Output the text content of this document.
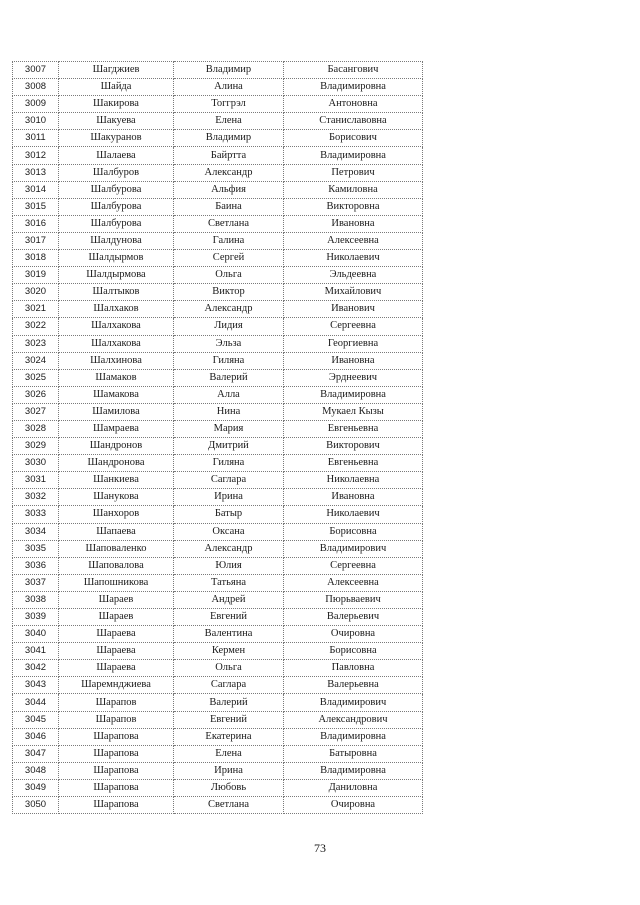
3007	Шагджиев	Владимир	Басангович
3008	Шайда	Алина	Владимировна
3009	Шакирова	Тоггрэл	Антоновна
3010	Шакуева	Елена	Станиславовна
3011	Шакуранов	Владимир	Борисович
3012	Шалаева	Байртта	Владимировна
3013	Шалбуров	Александр	Петрович
3014	Шалбурова	Альфия	Камиловна
3015	Шалбурова	Баина	Викторовна
3016	Шалбурова	Светлана	Ивановна
3017	Шалдунова	Галина	Алексеевна
3018	Шалдырмов	Сергей	Николаевич
3019	Шалдырмова	Ольга	Эльдеевна
3020	Шалтыков	Виктор	Михайлович
3021	Шалхаков	Александр	Иванович
3022	Шалхакова	Лидия	Сергеевна
3023	Шалхакова	Эльза	Георгиевна
3024	Шалхинова	Гиляна	Ивановна
3025	Шамаков	Валерий	Эрднеевич
3026	Шамакова	Алла	Владимировна
3027	Шамилова	Нина	Мукаел Кызы
3028	Шамраева	Мария	Евгеньевна
3029	Шандронов	Дмитрий	Викторович
3030	Шандронова	Гиляна	Евгеньевна
3031	Шанкиева	Саглара	Николаевна
3032	Шанукова	Ирина	Ивановна
3033	Шанхоров	Батыр	Николаевич
3034	Шапаева	Оксана	Борисовна
3035	Шаповаленко	Александр	Владимирович
3036	Шаповалова	Юлия	Сергеевна
3037	Шапошникова	Татьяна	Алексеевна
3038	Шараев	Андрей	Пюрьваевич
3039	Шараев	Евгений	Валерьевич
3040	Шараева	Валентина	Очировна
3041	Шараева	Кермен	Борисовна
3042	Шараева	Ольга	Павловна
3043	Шаремнджиева	Саглара	Валерьевна
3044	Шарапов	Валерий	Владимирович
3045	Шарапов	Евгений	Александрович
3046	Шарапова	Екатерина	Владимировна
3047	Шарапова	Елена	Батыровна
3048	Шарапова	Ирина	Владимировна
3049	Шарапова	Любовь	Даниловна
3050	Шарапова	Светлана	Очировна
73
